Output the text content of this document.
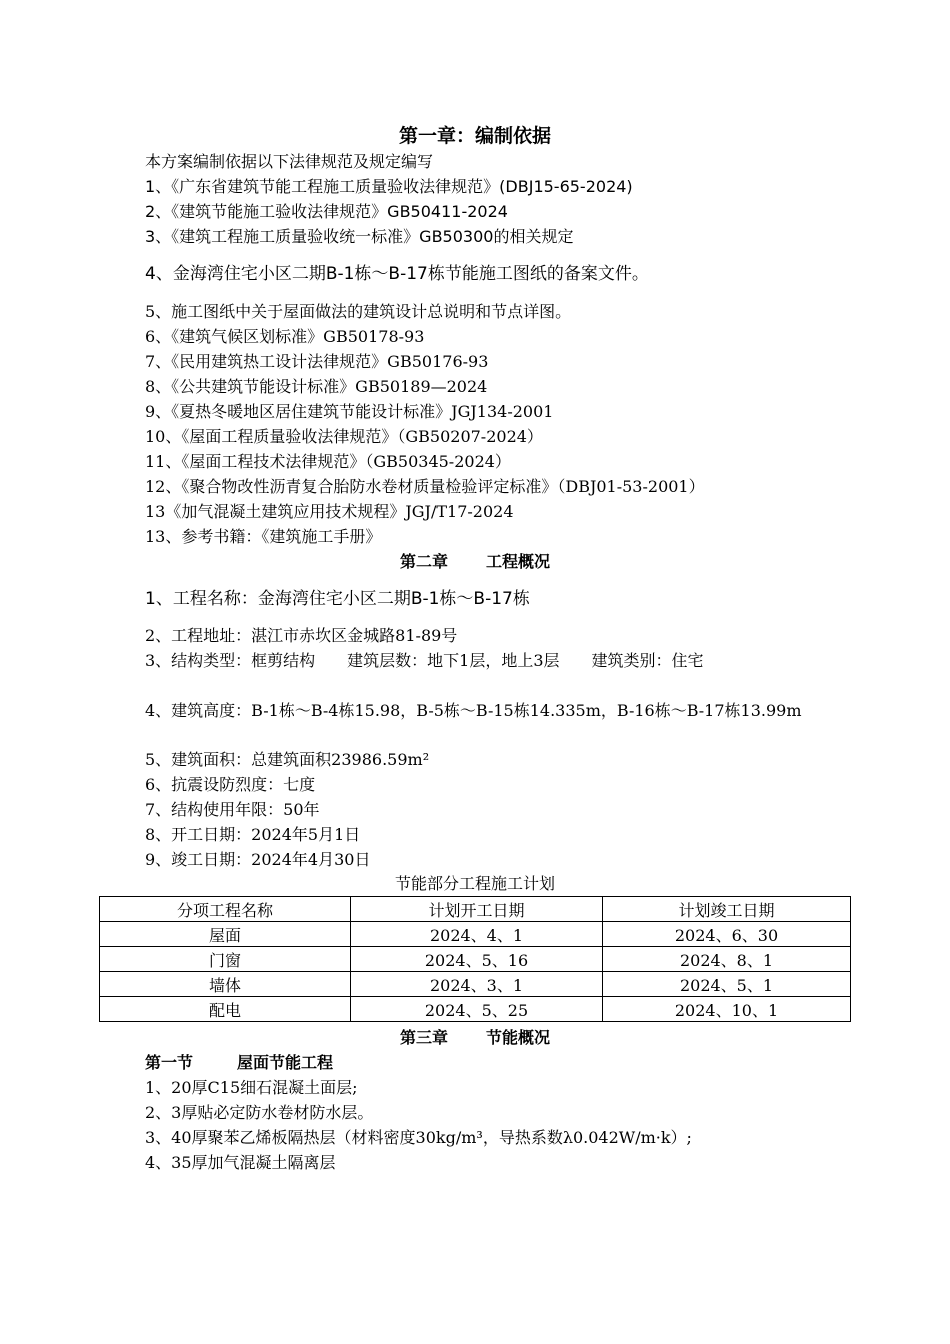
第一章：编制依据
本方案编制依据以下法律规范及规定编写
1、《广东省建筑节能工程施工质量验收法律规范》(DBJ15-65-2024)
2、《建筑节能施工验收法律规范》GB50411-2024
3、《建筑工程施工质量验收统一标准》GB50300的相关规定
4、金海湾住宅小区二期B-1栋～B-17栋节能施工图纸的备案文件。
5、施工图纸中关于屋面做法的建筑设计总说明和节点详图。
6、《建筑气候区划标准》GB50178-93
7、《民用建筑热工设计法律规范》GB50176-93
8、《公共建筑节能设计标准》GB50189—2024
9、《夏热冬暖地区居住建筑节能设计标准》JGJ134-2001
10、《屋面工程质量验收法律规范》（GB50207-2024）
11、《屋面工程技术法律规范》（GB50345-2024）
12、《聚合物改性沥青复合胎防水卷材质量检验评定标准》（DBJ01-53-2001）
13《加气混凝土建筑应用技术规程》JGJ/T17-2024
13、参考书籍：《建筑施工手册》
第二章 工程概况
1、工程名称：金海湾住宅小区二期B-1栋～B-17栋
2、工程地址：湛江市赤坎区金城路81-89号
3、结构类型：框剪结构　　建筑层数：地下1层，地上3层　　建筑类别：住宅
4、建筑高度：B-1栋～B-4栋15.98，B-5栋～B-15栋14.335m，B-16栋～B-17栋13.99m
5、建筑面积：总建筑面积23986.59m²
6、抗震设防烈度：七度
7、结构使用年限：50年
8、开工日期：2024年5月1日
9、竣工日期：2024年4月30日
节能部分工程施工计划
分项工程名称	计划开工日期	计划竣工日期
屋面	2024、4、1	2024、6、30
门窗	2024、5、16	2024、8、1
墙体	2024、3、1	2024、5、1
配电	2024、5、25	2024、10、1
第三章 节能概况
第一节	屋面节能工程
1、20厚C15细石混凝土面层;
2、3厚贴必定防水卷材防水层。
3、40厚聚苯乙烯板隔热层（材料密度30kg/m³，导热系数λ0.042W/m·k）;
4、35厚加气混凝土隔离层
